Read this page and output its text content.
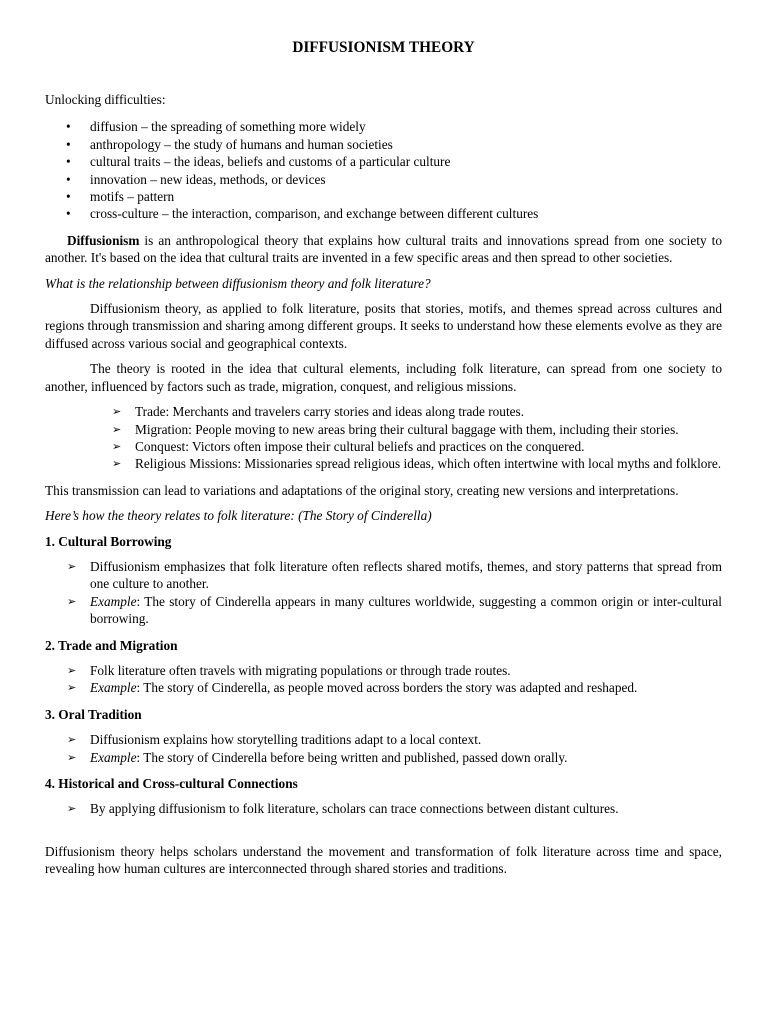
DIFFUSIONISM THEORY

Unlocking difficulties:

• diffusion – the spreading of something more widely
• anthropology – the study of humans and human societies
• cultural traits – the ideas, beliefs and customs of a particular culture
• innovation – new ideas, methods, or devices
• motifs – pattern
• cross-culture – the interaction, comparison, and exchange between different cultures

Diffusionism is an anthropological theory that explains how cultural traits and innovations spread from one society to another. It's based on the idea that cultural traits are invented in a few specific areas and then spread to other societies.

What is the relationship between diffusionism theory and folk literature?

Diffusionism theory, as applied to folk literature, posits that stories, motifs, and themes spread across cultures and regions through transmission and sharing among different groups. It seeks to understand how these elements evolve as they are diffused across various social and geographical contexts.

The theory is rooted in the idea that cultural elements, including folk literature, can spread from one society to another, influenced by factors such as trade, migration, conquest, and religious missions.

➢ Trade: Merchants and travelers carry stories and ideas along trade routes.
➢ Migration: People moving to new areas bring their cultural baggage with them, including their stories.
➢ Conquest: Victors often impose their cultural beliefs and practices on the conquered.
➢ Religious Missions: Missionaries spread religious ideas, which often intertwine with local myths and folklore.

This transmission can lead to variations and adaptations of the original story, creating new versions and interpretations.

Here’s how the theory relates to folk literature: (The Story of Cinderella)

1. Cultural Borrowing

➢ Diffusionism emphasizes that folk literature often reflects shared motifs, themes, and story patterns that spread from one culture to another.
➢ Example: The story of Cinderella appears in many cultures worldwide, suggesting a common origin or inter-cultural borrowing.

2. Trade and Migration

➢ Folk literature often travels with migrating populations or through trade routes.
➢ Example: The story of Cinderella, as people moved across borders the story was adapted and reshaped.

3. Oral Tradition

➢ Diffusionism explains how storytelling traditions adapt to a local context.
➢ Example: The story of Cinderella before being written and published, passed down orally.

4. Historical and Cross-cultural Connections

➢ By applying diffusionism to folk literature, scholars can trace connections between distant cultures.

Diffusionism theory helps scholars understand the movement and transformation of folk literature across time and space, revealing how human cultures are interconnected through shared stories and traditions.
